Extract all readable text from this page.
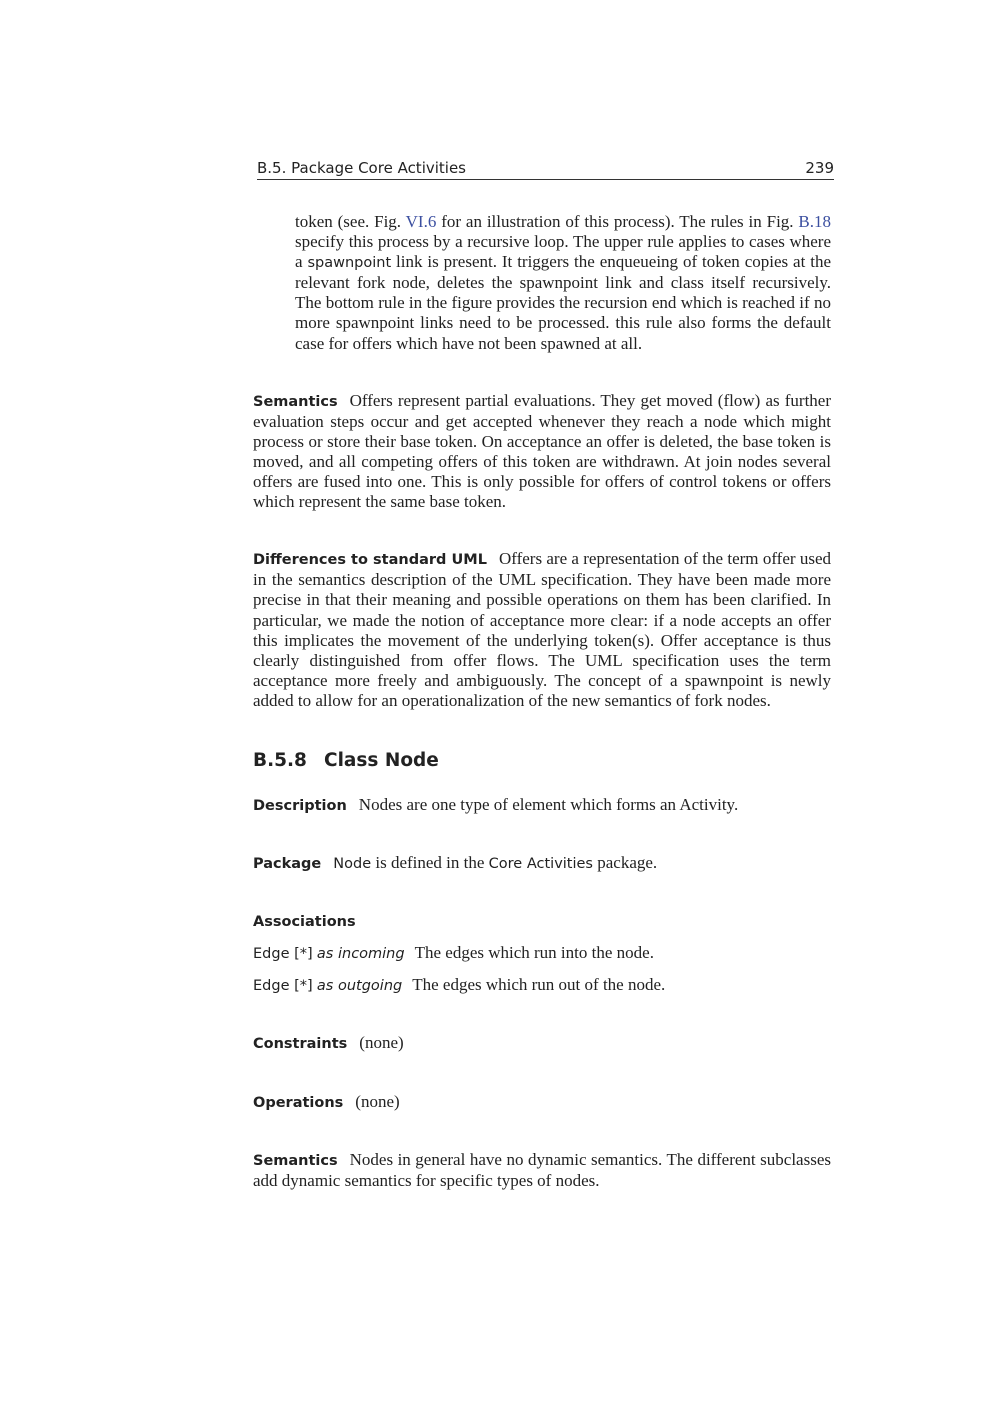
B.5. Package Core Activities	239

token (see. Fig. VI.6 for an illustration of this process). The rules in Fig. B.18 specify this process by a recursive loop. The upper rule applies to cases where a spawnpoint link is present. It triggers the enqueueing of token copies at the relevant fork node, deletes the spawnpoint link and class itself recursively. The bottom rule in the figure provides the recursion end which is reached if no more spawnpoint links need to be processed. this rule also forms the default case for offers which have not been spawned at all.

Semantics Offers represent partial evaluations. They get moved (flow) as further evaluation steps occur and get accepted whenever they reach a node which might process or store their base token. On acceptance an offer is deleted, the base token is moved, and all competing offers of this token are withdrawn. At join nodes several offers are fused into one. This is only possible for offers of control tokens or offers which represent the same base token.

Differences to standard UML Offers are a representation of the term offer used in the semantics description of the UML specification. They have been made more precise in that their meaning and possible operations on them has been clarified. In particular, we made the notion of acceptance more clear: if a node accepts an offer this implicates the movement of the underlying token(s). Offer acceptance is thus clearly distinguished from offer flows. The UML specification uses the term acceptance more freely and ambiguously. The concept of a spawnpoint is newly added to allow for an operationalization of the new semantics of fork nodes.

B.5.8 Class Node

Description Nodes are one type of element which forms an Activity.

Package Node is defined in the Core Activities package.

Associations

Edge [*] as incoming The edges which run into the node.

Edge [*] as outgoing The edges which run out of the node.

Constraints (none)

Operations (none)

Semantics Nodes in general have no dynamic semantics. The different subclasses add dynamic semantics for specific types of nodes.
